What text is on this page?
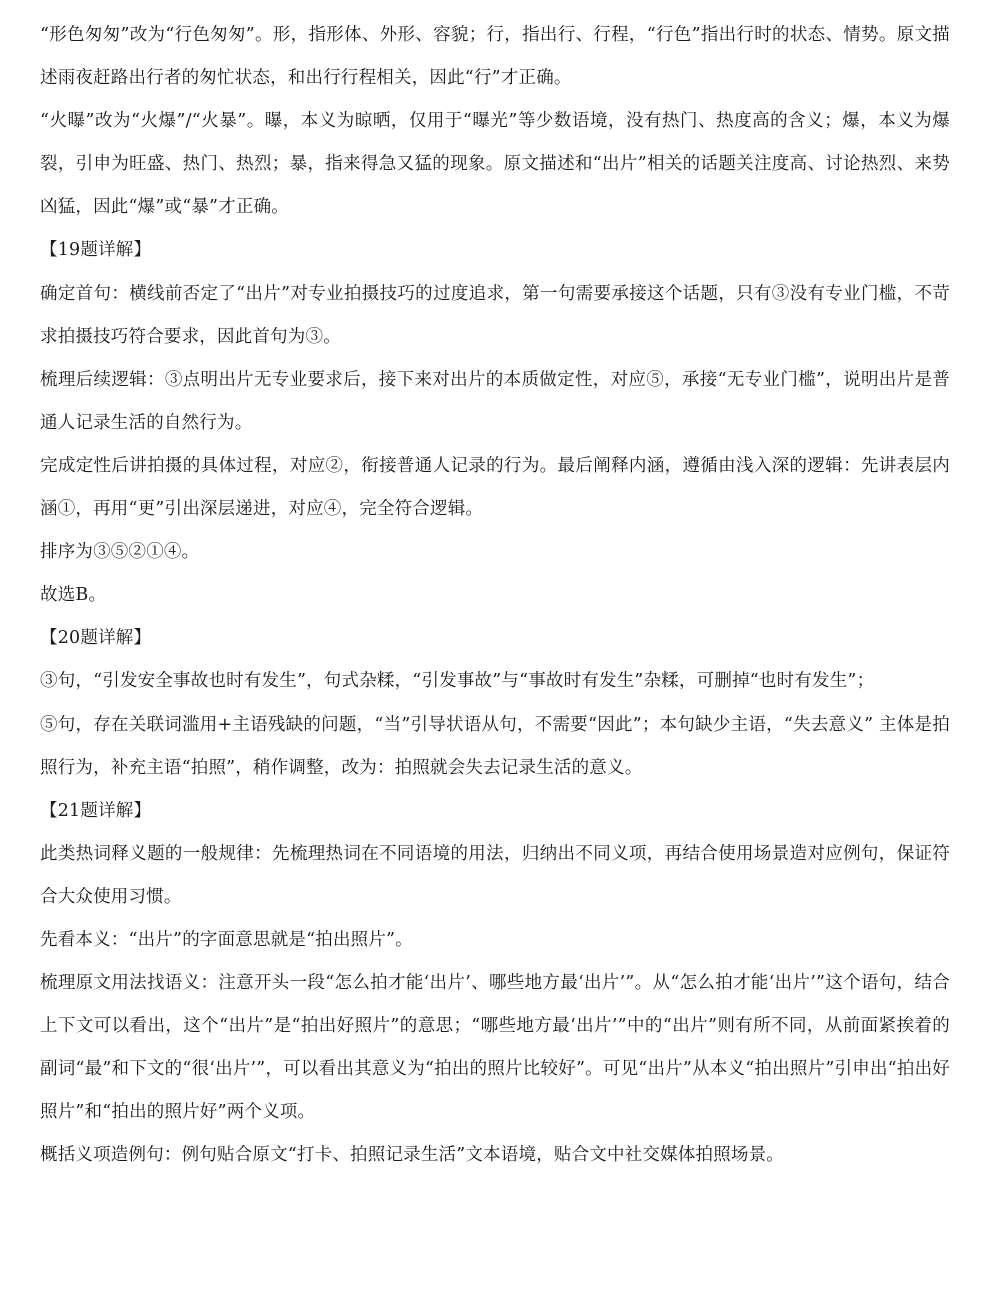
“形色匆匆”改为“行色匆匆”。形，指形体、外形、容貌；行，指出行、行程，“行色”指出行时的状态、情势。原文描述雨夜赶路出行者的匆忙状态，和出行行程相关，因此“行”才正确。

“火曝”改为“火爆”/“火暴”。曝，本义为晾晒，仅用于“曝光”等少数语境，没有热门、热度高的含义；爆，本义为爆裂，引申为旺盛、热门、热烈；暴，指来得急又猛的现象。原文描述和“出片”相关的话题关注度高、讨论热烈、来势凶猛，因此“爆”或“暴”才正确。

【19题详解】

确定首句：横线前否定了“出片”对专业拍摄技巧的过度追求，第一句需要承接这个话题，只有③没有专业门槛，不苛求拍摄技巧符合要求，因此首句为③。

梳理后续逻辑：③点明出片无专业要求后，接下来对出片的本质做定性，对应⑤，承接“无专业门槛”，说明出片是普通人记录生活的自然行为。

完成定性后讲拍摄的具体过程，对应②，衔接普通人记录的行为。最后阐释内涵，遵循由浅入深的逻辑：先讲表层内涵①，再用“更”引出深层递进，对应④，完全符合逻辑。

排序为③⑤②①④。

故选B。

【20题详解】

③句，“引发安全事故也时有发生”，句式杂糅，“引发事故”与“事故时有发生”杂糅，可删掉“也时有发生”；

⑤句，存在关联词滥用+主语残缺的问题，“当”引导状语从句，不需要“因此”；本句缺少主语，“失去意义” 主体是拍照行为，补充主语“拍照”，稍作调整，改为：拍照就会失去记录生活的意义。

【21题详解】

此类热词释义题的一般规律：先梳理热词在不同语境的用法，归纳出不同义项，再结合使用场景造对应例句，保证符合大众使用习惯。

先看本义：“出片”的字面意思就是“拍出照片”。

梳理原文用法找语义：注意开头一段“怎么拍才能‘出片’、哪些地方最‘出片’”。从“怎么拍才能‘出片’”这个语句，结合上下文可以看出，这个“出片”是“拍出好照片”的意思；“哪些地方最‘出片’”中的“出片”则有所不同，从前面紧挨着的副词“最”和下文的“很‘出片’”，可以看出其意义为“拍出的照片比较好”。可见“出片”从本义“拍出照片”引申出“拍出好照片”和“拍出的照片好”两个义项。

概括义项造例句：例句贴合原文“打卡、拍照记录生活”文本语境，贴合文中社交媒体拍照场景。
